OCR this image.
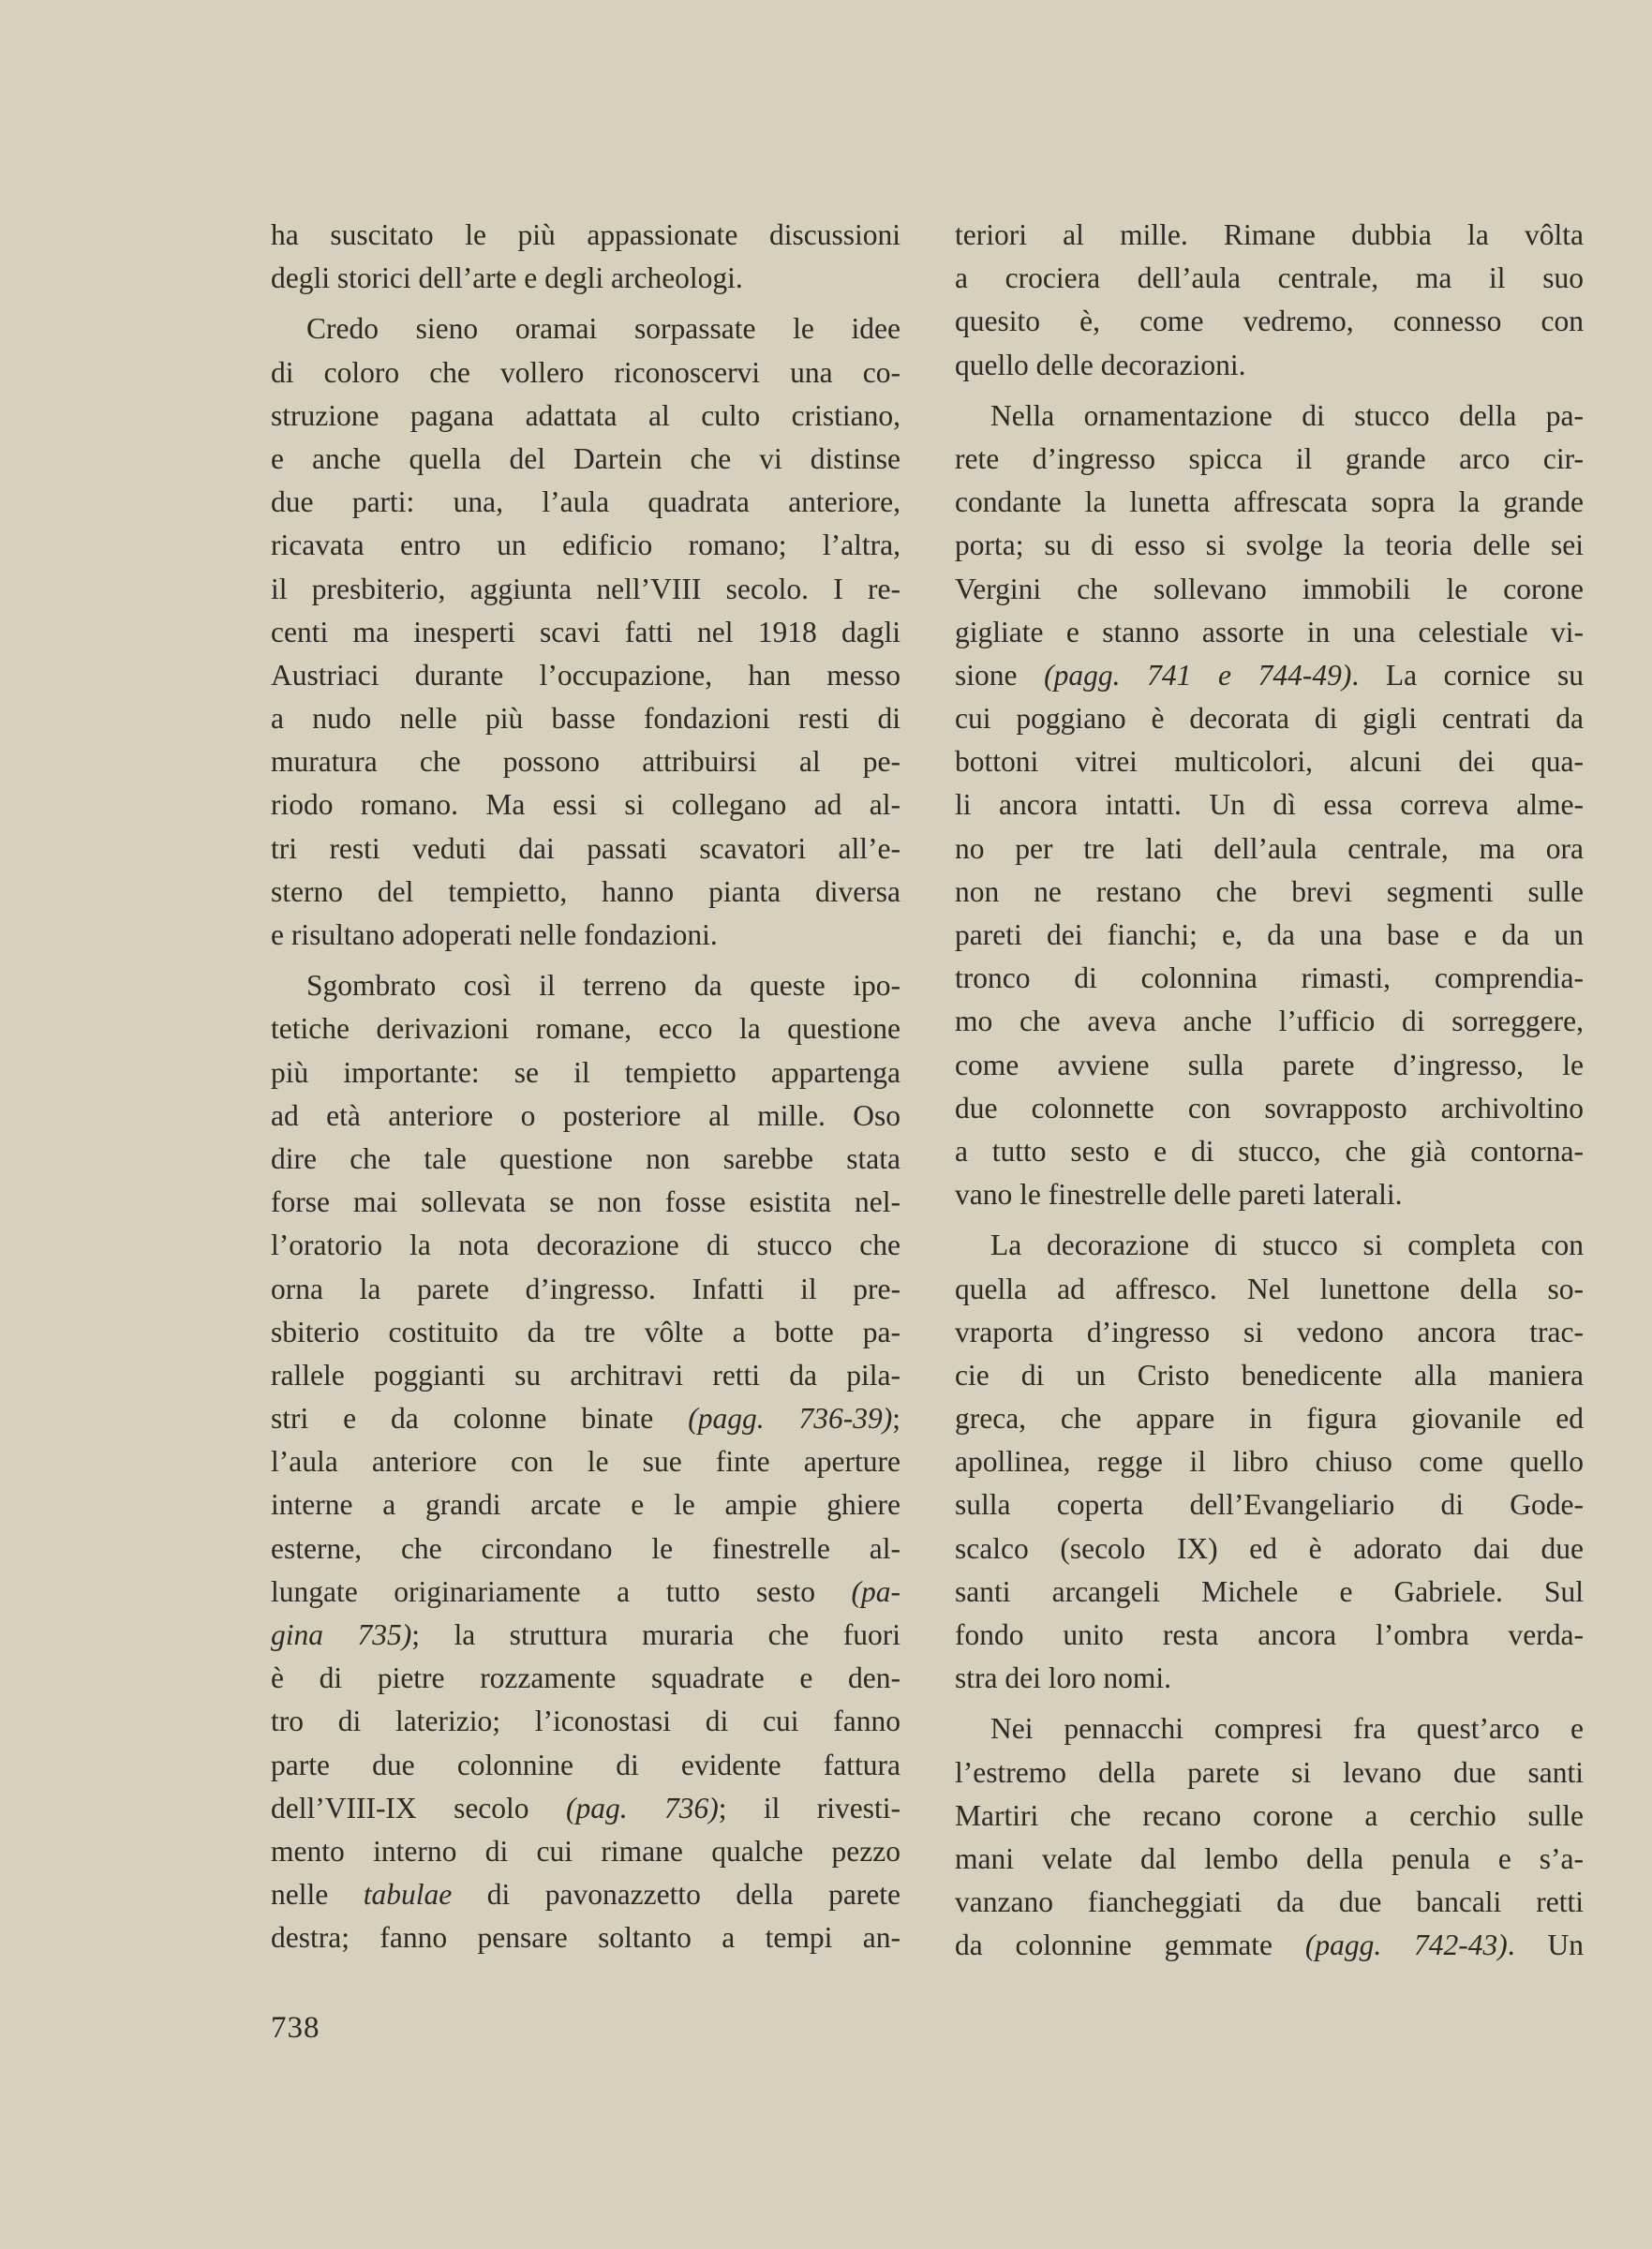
ha suscitato le più appassionate discussioni
degli storici dell’arte e degli archeologi.
Credo sieno oramai sorpassate le idee
di coloro che vollero riconoscervi una co-
struzione pagana adattata al culto cristiano,
e anche quella del Dartein che vi distinse
due parti: una, l’aula quadrata anteriore,
ricavata entro un edificio romano; l’altra,
il presbiterio, aggiunta nell’VIII secolo. I re-
centi ma inesperti scavi fatti nel 1918 dagli
Austriaci durante l’occupazione, han messo
a nudo nelle più basse fondazioni resti di
muratura che possono attribuirsi al pe-
riodo romano. Ma essi si collegano ad al-
tri resti veduti dai passati scavatori all’e-
sterno del tempietto, hanno pianta diversa
e risultano adoperati nelle fondazioni.
Sgombrato così il terreno da queste ipo-
tetiche derivazioni romane, ecco la questione
più importante: se il tempietto appartenga
ad età anteriore o posteriore al mille. Oso
dire che tale questione non sarebbe stata
forse mai sollevata se non fosse esistita nel-
l’oratorio la nota decorazione di stucco che
orna la parete d’ingresso. Infatti il pre-
sbiterio costituito da tre vôlte a botte pa-
rallele poggianti su architravi retti da pila-
stri e da colonne binate (pagg. 736-39);
l’aula anteriore con le sue finte aperture
interne a grandi arcate e le ampie ghiere
esterne, che circondano le finestrelle al-
lungate originariamente a tutto sesto (pa-
gina 735); la struttura muraria che fuori
è di pietre rozzamente squadrate e den-
tro di laterizio; l’iconostasi di cui fanno
parte due colonnine di evidente fattura
dell’VIII-IX secolo (pag. 736); il rivesti-
mento interno di cui rimane qualche pezzo
nelle tabulae di pavonazzetto della parete
destra; fanno pensare soltanto a tempi an-
teriori al mille. Rimane dubbia la vôlta
a crociera dell’aula centrale, ma il suo
quesito è, come vedremo, connesso con
quello delle decorazioni.
Nella ornamentazione di stucco della pa-
rete d’ingresso spicca il grande arco cir-
condante la lunetta affrescata sopra la grande
porta; su di esso si svolge la teoria delle sei
Vergini che sollevano immobili le corone
gigliate e stanno assorte in una celestiale vi-
sione (pagg. 741 e 744-49). La cornice su
cui poggiano è decorata di gigli centrati da
bottoni vitrei multicolori, alcuni dei qua-
li ancora intatti. Un dì essa correva alme-
no per tre lati dell’aula centrale, ma ora
non ne restano che brevi segmenti sulle
pareti dei fianchi; e, da una base e da un
tronco di colonnina rimasti, comprendia-
mo che aveva anche l’ufficio di sorreggere,
come avviene sulla parete d’ingresso, le
due colonnette con sovrapposto archivoltino
a tutto sesto e di stucco, che già contorna-
vano le finestrelle delle pareti laterali.
La decorazione di stucco si completa con
quella ad affresco. Nel lunettone della so-
vraporta d’ingresso si vedono ancora trac-
cie di un Cristo benedicente alla maniera
greca, che appare in figura giovanile ed
apollinea, regge il libro chiuso come quello
sulla coperta dell’Evangeliario di Gode-
scalco (secolo IX) ed è adorato dai due
santi arcangeli Michele e Gabriele. Sul
fondo unito resta ancora l’ombra verda-
stra dei loro nomi.
Nei pennacchi compresi fra quest’arco e
l’estremo della parete si levano due santi
Martiri che recano corone a cerchio sulle
mani velate dal lembo della penula e s’a-
vanzano fiancheggiati da due bancali retti
da colonnine gemmate (pagg. 742-43). Un
738
